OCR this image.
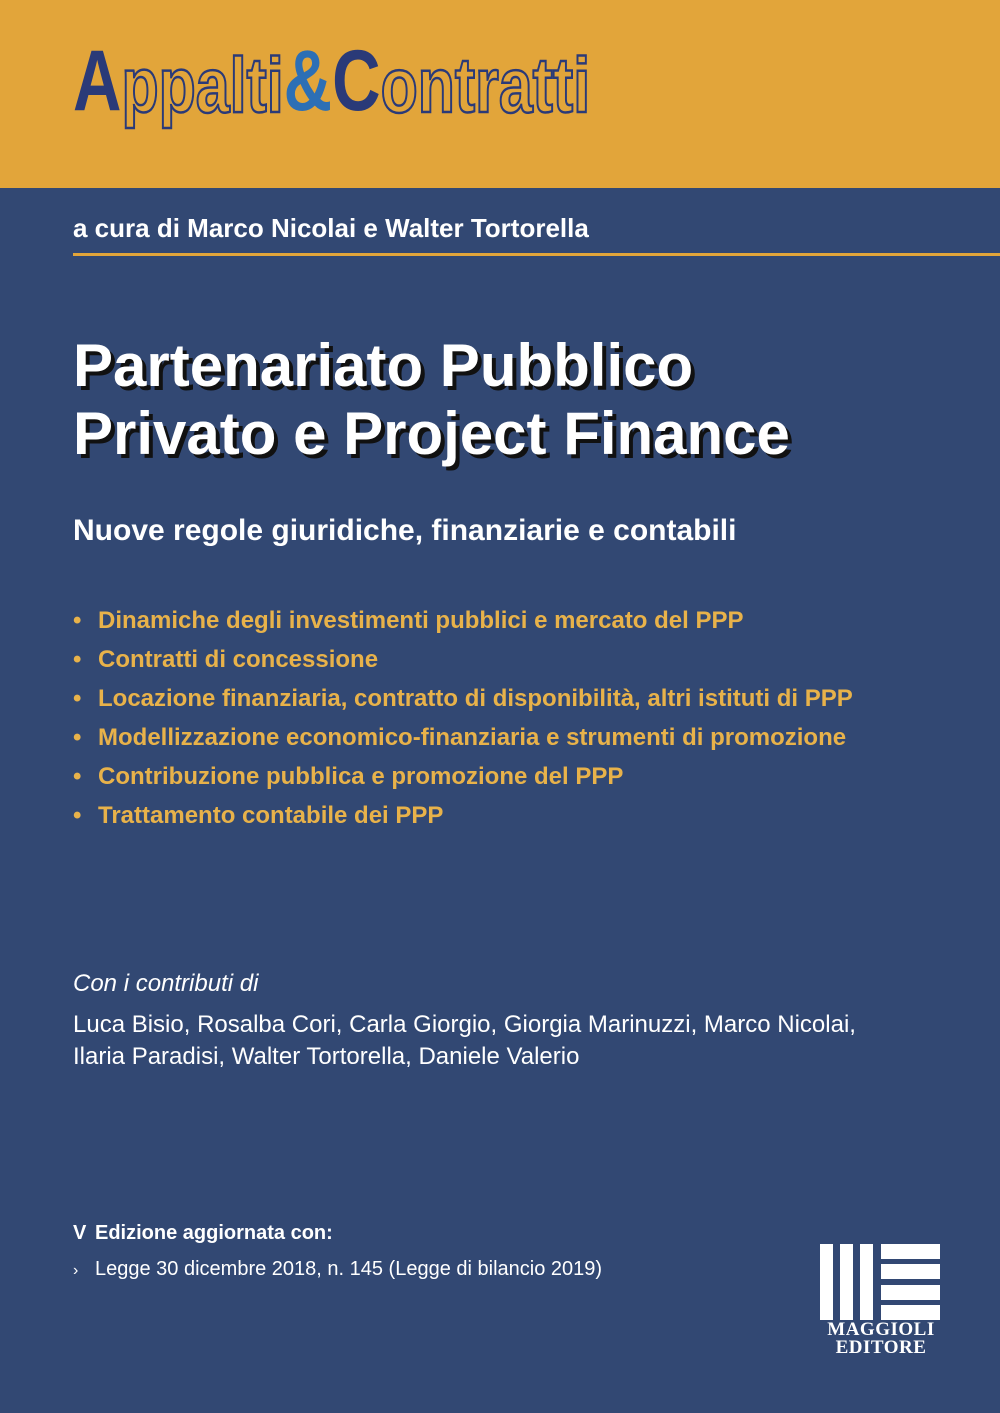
A ppalti & C ontratti
a cura di Marco Nicolai e Walter Tortorella
Partenariato Pubblico
Privato e Project Finance
Nuove regole giuridiche, finanziarie e contabili
• Dinamiche degli investimenti pubblici e mercato del PPP
• Contratti di concessione
• Locazione finanziaria, contratto di disponibilità, altri istituti di PPP
• Modellizzazione economico-finanziaria e strumenti di promozione
• Contribuzione pubblica e promozione del PPP
• Trattamento contabile dei PPP
Con i contributi di
Luca Bisio, Rosalba Cori, Carla Giorgio, Giorgia Marinuzzi, Marco Nicolai,
Ilaria Paradisi, Walter Tortorella, Daniele Valerio
V Edizione aggiornata con:
› Legge 30 dicembre 2018, n. 145 (Legge di bilancio 2019)
MAGGIOLI
EDITORE
